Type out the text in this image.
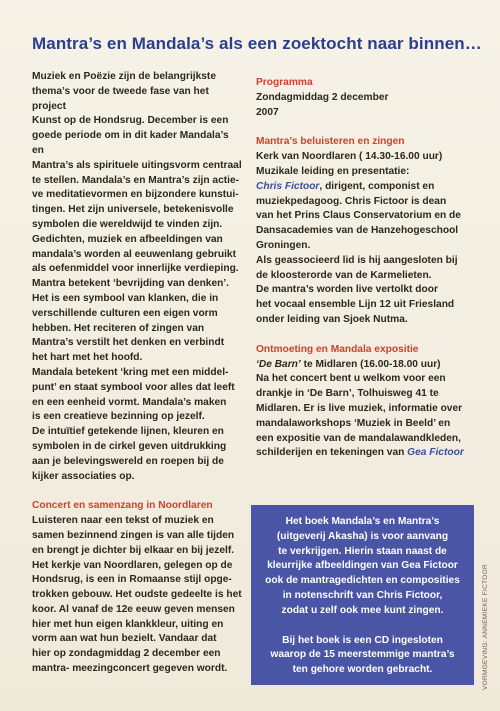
Mantra’s en Mandala’s als een zoektocht naar binnen…

Muziek en Poëzie zijn de belangrijkste

thema’s voor de tweede fase van het project

Kunst op de Hondsrug. December is een

goede periode om in dit kader Mandala’s en

Mantra’s als spirituele uitingsvorm centraal

te stellen. Mandala’s en Mantra’s zijn actie-

ve meditatievormen en bijzondere kunstui-

tingen. Het zijn universele, betekenisvolle

symbolen die wereldwijd te vinden zijn.

Gedichten, muziek en afbeeldingen van

mandala’s worden al eeuwenlang gebruikt

als oefenmiddel voor innerlijke verdieping.

Mantra betekent ‘bevrijding van denken’.

Het is een symbool van klanken, die in

verschillende culturen een eigen vorm

hebben. Het reciteren of zingen van

Mantra’s verstilt het denken en verbindt

het hart met het hoofd.

Mandala betekent ‘kring met een middel-

punt’ en staat symbool voor alles dat leeft

en een eenheid vormt. Mandala’s maken

is een creatieve bezinning op jezelf.

De intuïtief getekende lijnen, kleuren en

symbolen in de cirkel geven uitdrukking

aan je belevingswereld en roepen bij de

kijker associaties op.

Concert en samenzang in Noordlaren

Luisteren naar een tekst of muziek en

samen bezinnend zingen is van alle tijden

en brengt je dichter bij elkaar en bij jezelf.

Het kerkje van Noordlaren, gelegen op de

Hondsrug, is een in Romaanse stijl opge-

trokken gebouw. Het oudste gedeelte is het

koor. Al vanaf de 12e eeuw geven mensen

hier met hun eigen klankkleur, uiting en

vorm aan wat hun bezielt. Vandaar dat

hier op zondagmiddag 2 december een

mantra- meezingconcert gegeven wordt.

Programma

Zondagmiddag 2 december

2007

Mantra’s beluisteren en zingen

Kerk van Noordlaren ( 14.30-16.00 uur)

Muzikale leiding en presentatie:

Chris Fictoor, dirigent, componist en

muziekpedagoog. Chris Fictoor is dean

van het Prins Claus Conservatorium en de

Dansacademies van de Hanzehogeschool

Groningen.

Als geassocieerd lid is hij aangesloten bij

de kloosterorde van de Karmelieten.

De mantra’s worden live vertolkt door

het vocaal ensemble Lijn 12 uit Friesland

onder leiding van Sjoek Nutma.

Ontmoeting en Mandala expositie

‘De Barn’ te Midlaren (16.00-18.00 uur)

Na het concert bent u welkom voor een

drankje in ‘De Barn’, Tolhuisweg 41 te

Midlaren. Er is live muziek, informatie over

mandalaworkshops ‘Muziek in Beeld’ en

een expositie van de mandalawandkleden,

schilderijen en tekeningen van Gea Fictoor

Het boek Mandala’s en Mantra’s

(uitgeverij Akasha) is voor aanvang

te verkrijgen. Hierin staan naast de

kleurrijke afbeeldingen van Gea Fictoor

ook de mantragedichten en composities

in notenschrift van Chris Fictoor,

zodat u zelf ook mee kunt zingen.

Bij het boek is een CD ingesloten

waarop de 15 meerstemmige mantra’s

ten gehore worden gebracht.	VORMGEVING: ANNEMIEKE FICTOOR
